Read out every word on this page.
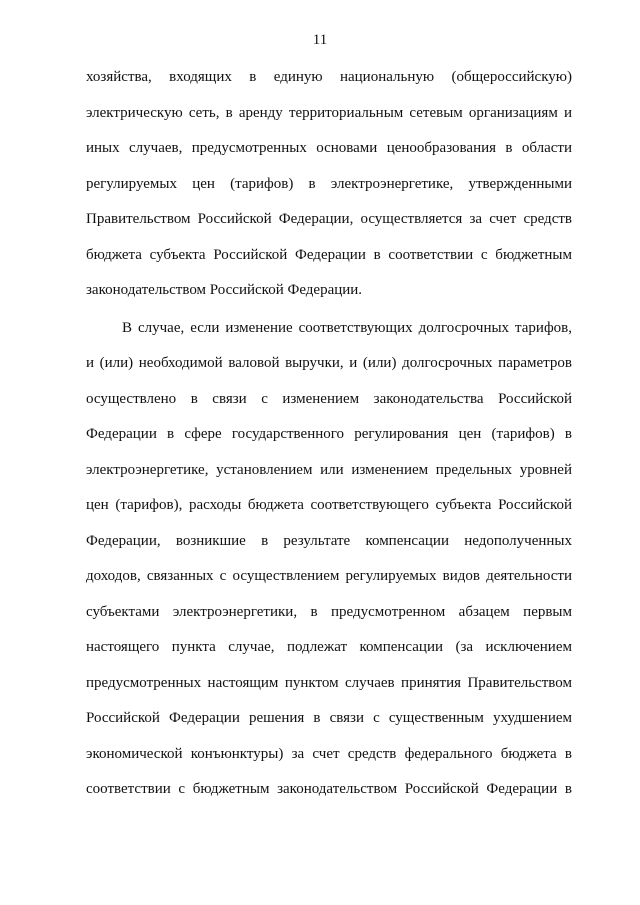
11
хозяйства, входящих в единую национальную (общероссийскую)
электрическую сеть, в аренду территориальным сетевым организациям и
иных случаев, предусмотренных основами ценообразования в области
регулируемых цен (тарифов) в электроэнергетике, утвержденными
Правительством Российской Федерации, осуществляется за счет средств
бюджета субъекта Российской Федерации в соответствии с бюджетным
законодательством Российской Федерации.
В случае, если изменение соответствующих долгосрочных тарифов,
и (или) необходимой валовой выручки, и (или) долгосрочных параметров
осуществлено в связи с изменением законодательства Российской
Федерации в сфере государственного регулирования цен (тарифов) в
электроэнергетике, установлением или изменением предельных уровней
цен (тарифов), расходы бюджета соответствующего субъекта Российской
Федерации, возникшие в результате компенсации недополученных
доходов, связанных с осуществлением регулируемых видов деятельности
субъектами электроэнергетики, в предусмотренном абзацем первым
настоящего пункта случае, подлежат компенсации (за исключением
предусмотренных настоящим пунктом случаев принятия Правительством
Российской Федерации решения в связи с существенным ухудшением
экономической конъюнктуры) за счет средств федерального бюджета в
соответствии с бюджетным законодательством Российской Федерации в
